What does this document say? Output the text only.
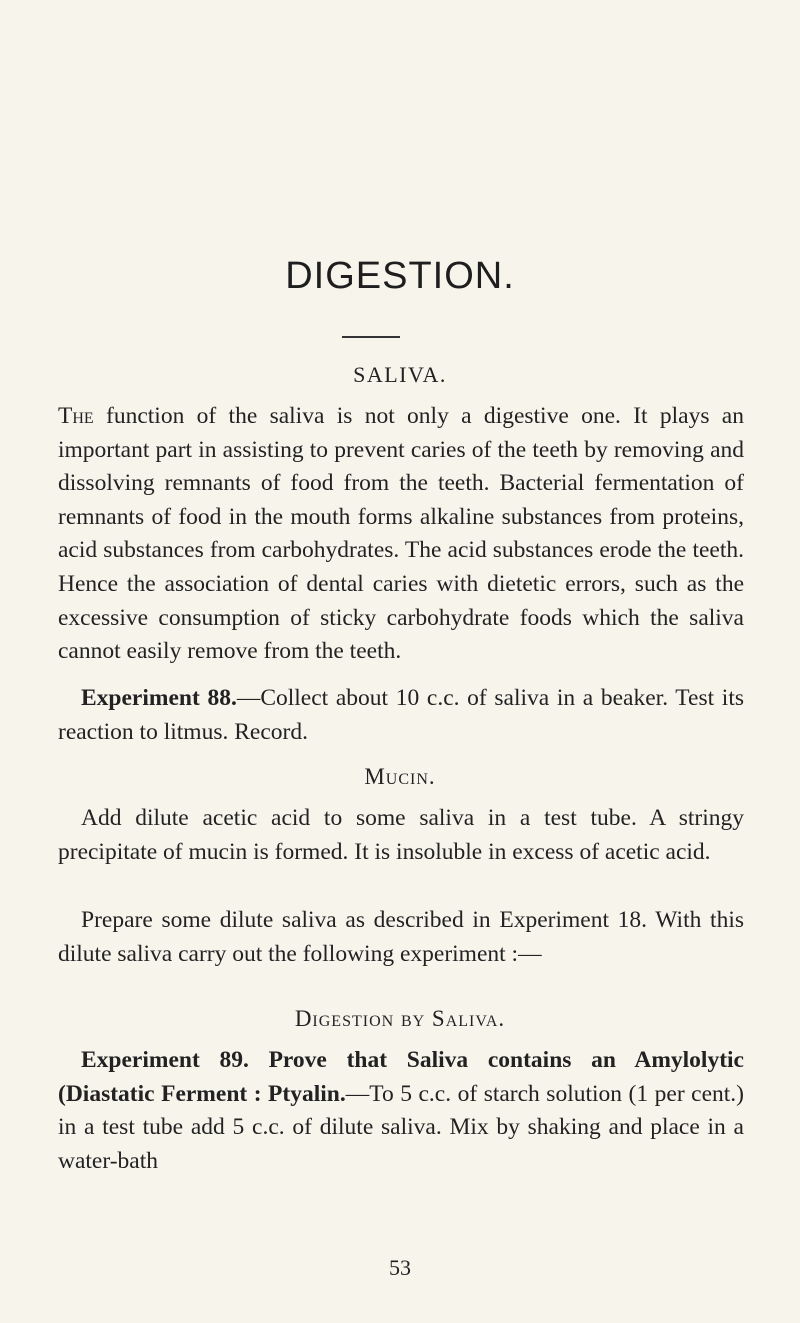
DIGESTION.
SALIVA.

The function of the saliva is not only a digestive one. It plays an important part in assisting to prevent caries of the teeth by removing and dissolving remnants of food from the teeth. Bacterial fermentation of remnants of food in the mouth forms alkaline substances from proteins, acid substances from carbohydrates. The acid substances erode the teeth. Hence the association of dental caries with dietetic errors, such as the excessive consumption of sticky carbohydrate foods which the saliva cannot easily remove from the teeth.

Experiment 88.—Collect about 10 c.c. of saliva in a beaker. Test its reaction to litmus. Record.

Mucin.

Add dilute acetic acid to some saliva in a test tube. A stringy precipitate of mucin is formed. It is insoluble in excess of acetic acid.

Prepare some dilute saliva as described in Experiment 18. With this dilute saliva carry out the following experiment :—

Digestion by Saliva.

Experiment 89. Prove that Saliva contains an Amylolytic (Diastatic Ferment : Ptyalin.—To 5 c.c. of starch solution (1 per cent.) in a test tube add 5 c.c. of dilute saliva. Mix by shaking and place in a water-bath

53
